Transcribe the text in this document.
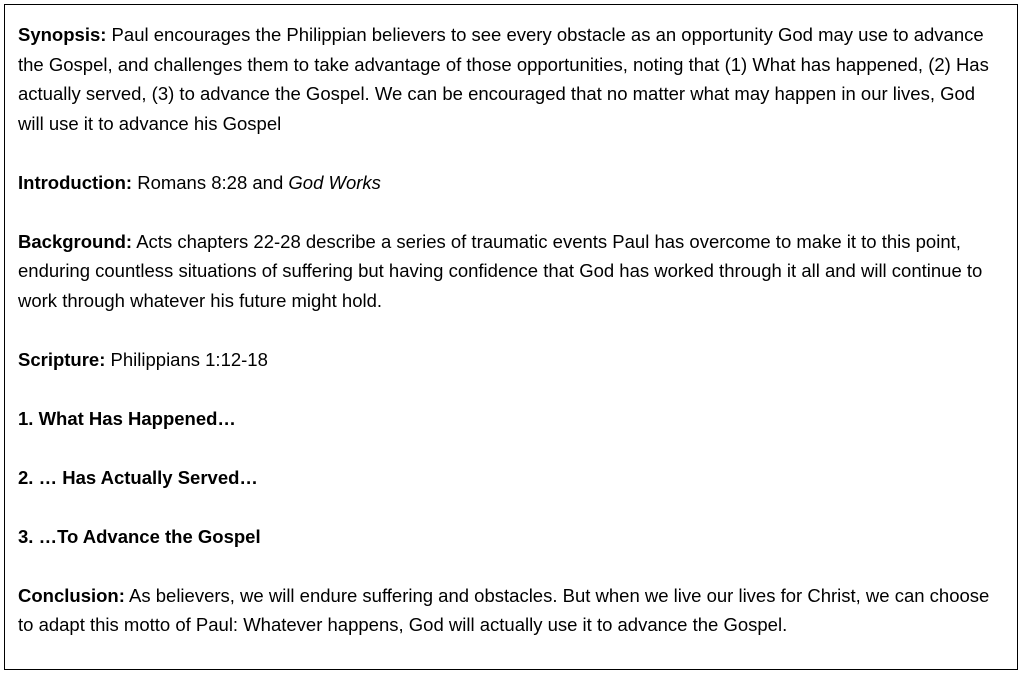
Synopsis: Paul encourages the Philippian believers to see every obstacle as an opportunity God may use to advance the Gospel, and challenges them to take advantage of those opportunities, noting that (1) What has happened, (2) Has actually served, (3) to advance the Gospel. We can be encouraged that no matter what may happen in our lives, God will use it to advance his Gospel

Introduction: Romans 8:28 and God Works

Background: Acts chapters 22-28 describe a series of traumatic events Paul has overcome to make it to this point, enduring countless situations of suffering but having confidence that God has worked through it all and will continue to work through whatever his future might hold.

Scripture: Philippians 1:12-18

1. What Has Happened…
2. … Has Actually Served…
3. …To Advance the Gospel

Conclusion: As believers, we will endure suffering and obstacles. But when we live our lives for Christ, we can choose to adapt this motto of Paul: Whatever happens, God will actually use it to advance the Gospel.
